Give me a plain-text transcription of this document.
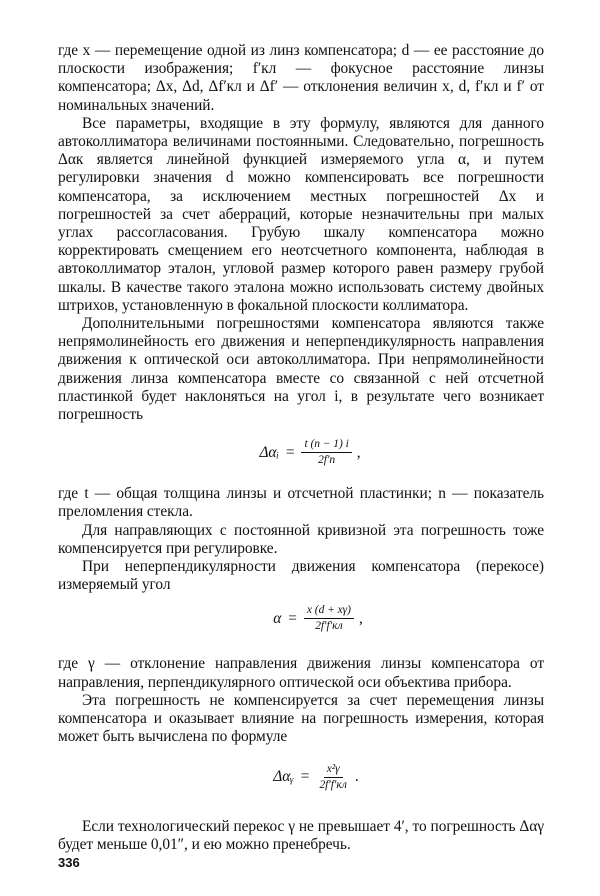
где x — перемещение одной из линз компенсатора; d — ее расстояние до плоскости изображения; f′кл — фокусное расстояние линзы компенсатора; Δx, Δd, Δf′кл и Δf′ — отклонения величин x, d, f′кл и f′ от номинальных значений.

Все параметры, входящие в эту формулу, являются для данного автоколлиматора величинами постоянными. Следовательно, погрешность Δαк является линейной функцией измеряемого угла α, и путем регулировки значения d можно компенсировать все погрешности компенсатора, за исключением местных погрешностей Δx и погрешностей за счет аберраций, которые незначительны при малых углах рассогласования. Грубую шкалу компенсатора можно корректировать смещением его неотсчетного компонента, наблюдая в автоколлиматор эталон, угловой размер которого равен размеру грубой шкалы. В качестве такого эталона можно использовать систему двойных штрихов, установленную в фокальной плоскости коллиматора.

Дополнительными погрешностями компенсатора являются также непрямолинейность его движения и неперпендикулярность направления движения к оптической оси автоколлиматора. При непрямолинейности движения линза компенсатора вместе со связанной с ней отсчетной пластинкой будет наклоняться на угол i, в результате чего возникает погрешность

Δαᵢ = $\frac{t (n - 1) i}{2f'n}$ ,

где t — общая толщина линзы и отсчетной пластинки; n — показатель преломления стекла.

Для направляющих с постоянной кривизной эта погрешность тоже компенсируется при регулировке.

При неперпендикулярности движения компенсатора (перекосе) измеряемый угол

$\alpha = \frac{x (d + x\gamma)}{2f'f'кл}$ ,

где γ — отклонение направления движения линзы компенсатора от направления, перпендикулярного оптической оси объектива прибора.

Эта погрешность не компенсируется за счет перемещения линзы компенсатора и оказывает влияние на погрешность измерения, которая может быть вычислена по формуле

Δαᵧ = $\frac{\text{x²γ}}{2f'f'кл}$ .

Если технологический перекос γ не превышает 4′, то погрешность Δαγ будет меньше 0,01″, и ею можно пренебречь.

336
